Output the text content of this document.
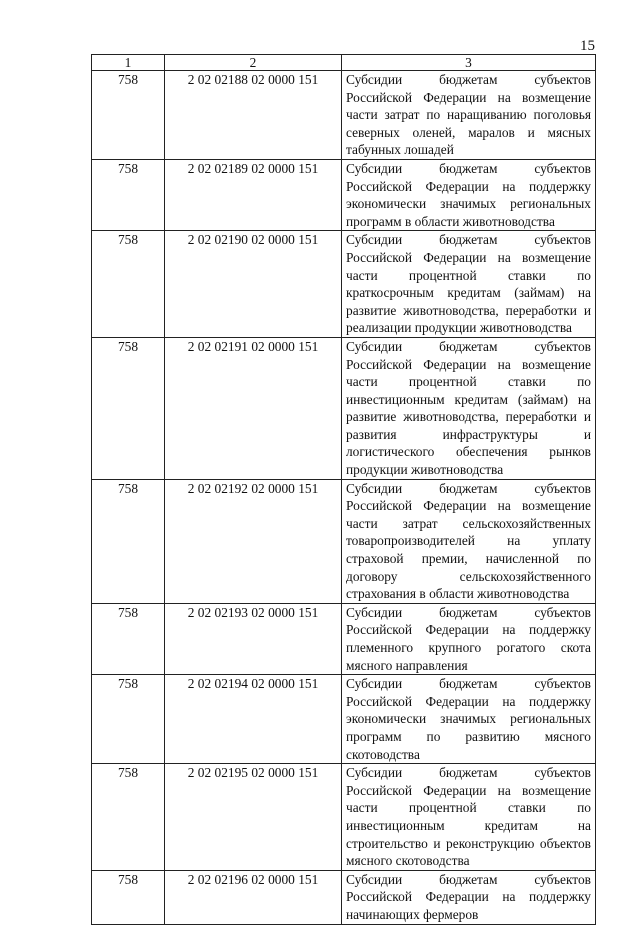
15
1	2	3
758	2 02 02188 02 0000 151	Субсидии бюджетам субъектов Российской Федерации на возмещение части затрат по наращиванию поголовья северных оленей, маралов и мясных табунных лошадей
758	2 02 02189 02 0000 151	Субсидии бюджетам субъектов Российской Федерации на поддержку экономически значимых региональных программ в области животноводства
758	2 02 02190 02 0000 151	Субсидии бюджетам субъектов Российской Федерации на возмещение части процентной ставки по краткосрочным кредитам (займам) на развитие животноводства, переработки и реализации продукции животноводства
758	2 02 02191 02 0000 151	Субсидии бюджетам субъектов Российской Федерации на возмещение части процентной ставки по инвестиционным кредитам (займам) на развитие животноводства, переработки и развития инфраструктуры и логистического обеспечения рынков продукции животноводства
758	2 02 02192 02 0000 151	Субсидии бюджетам субъектов Российской Федерации на возмещение части затрат сельскохозяйственных товаропроизводителей на уплату страховой премии, начисленной по договору сельскохозяйственного страхования в области животноводства
758	2 02 02193 02 0000 151	Субсидии бюджетам субъектов Российской Федерации на поддержку племенного крупного рогатого скота мясного направления
758	2 02 02194 02 0000 151	Субсидии бюджетам субъектов Российской Федерации на поддержку экономически значимых региональных программ по развитию мясного скотоводства
758	2 02 02195 02 0000 151	Субсидии бюджетам субъектов Российской Федерации на возмещение части процентной ставки по инвестиционным кредитам на строительство и реконструкцию объектов мясного скотоводства
758	2 02 02196 02 0000 151	Субсидии бюджетам субъектов Российской Федерации на поддержку начинающих фермеров
